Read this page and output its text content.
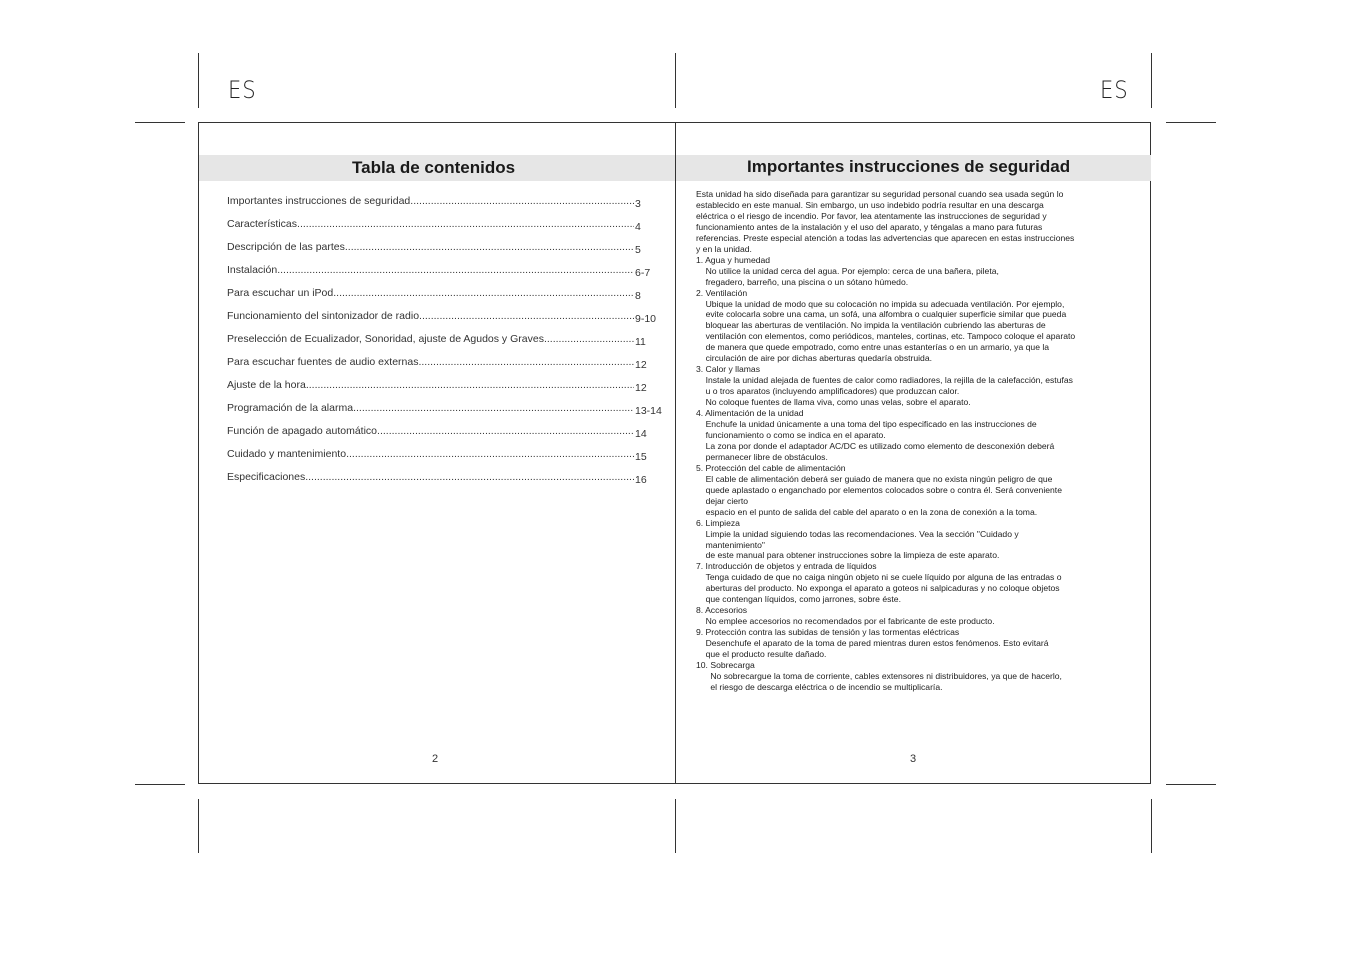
ES	ES
Tabla de contenidos
Importantes instrucciones de seguridad .....	3
Características .....	4
Descripción de las partes .....	5
Instalación .....	6-7
Para escuchar un iPod .....	8
Funcionamiento del sintonizador de radio .....	9-10
Preselección de Ecualizador, Sonoridad, ajuste de Agudos y Graves .....	11
Para escuchar fuentes de audio externas .....	12
Ajuste de la hora .....	12
Programación de la alarma .....	13-14
Función de apagado automático .....	14
Cuidado y mantenimiento .....	15
Especificaciones .....	16
2
Importantes instrucciones de seguridad

Esta unidad ha sido diseñada para garantizar su seguridad personal cuando sea usada según lo

establecido en este manual. Sin embargo, un uso indebido podría resultar en una descarga

eléctrica o el riesgo de incendio. Por favor, lea atentamente las instrucciones de seguridad y

funcionamiento antes de la instalación y el uso del aparato, y téngalas a mano para futuras

referencias. Preste especial atención a todas las advertencias que aparecen en estas instrucciones

y en la unidad.

1. Agua y humedad

No utilice la unidad cerca del agua. Por ejemplo: cerca de una bañera, pileta,

fregadero, barreño, una piscina o un sótano húmedo.

2. Ventilación

Ubique la unidad de modo que su colocación no impida su adecuada ventilación. Por ejemplo,

evite colocarla sobre una cama, un sofá, una alfombra o cualquier superficie similar que pueda

bloquear las aberturas de ventilación. No impida la ventilación cubriendo las aberturas de

ventilación con elementos, como periódicos, manteles, cortinas, etc. Tampoco coloque el aparato

de manera que quede empotrado, como entre unas estanterías o en un armario, ya que la

circulación de aire por dichas aberturas quedaría obstruida.

3. Calor y llamas

Instale la unidad alejada de fuentes de calor como radiadores, la rejilla de la calefacción, estufas

u o tros aparatos (incluyendo amplificadores) que produzcan calor.

No coloque fuentes de llama viva, como unas velas, sobre el aparato.

4. Alimentación de la unidad

Enchufe la unidad únicamente a una toma del tipo especificado en las instrucciones de

funcionamiento o como se indica en el aparato.

La zona por donde el adaptador AC/DC es utilizado como elemento de desconexión deberá

permanecer libre de obstáculos.

5. Protección del cable de alimentación

El cable de alimentación deberá ser guiado de manera que no exista ningún peligro de que

quede aplastado o enganchado por elementos colocados sobre o contra él. Será conveniente

dejar cierto

espacio en el punto de salida del cable del aparato o en la zona de conexión a la toma.

6. Limpieza

Limpie la unidad siguiendo todas las recomendaciones. Vea la sección "Cuidado y

mantenimiento"

de este manual para obtener instrucciones sobre la limpieza de este aparato.

7. Introducción de objetos y entrada de líquidos

Tenga cuidado de que no caiga ningún objeto ni se cuele líquido por alguna de las entradas o

aberturas del producto. No exponga el aparato a goteos ni salpicaduras y no coloque objetos

que contengan líquidos, como jarrones, sobre éste.

8. Accesorios

No emplee accesorios no recomendados por el fabricante de este producto.

9. Protección contra las subidas de tensión y las tormentas eléctricas

Desenchufe el aparato de la toma de pared mientras duren estos fenómenos. Esto evitará

que el producto resulte dañado.

10. Sobrecarga

No sobrecargue la toma de corriente, cables extensores ni distribuidores, ya que de hacerlo,

el riesgo de descarga eléctrica o de incendio se multiplicaría.

3
